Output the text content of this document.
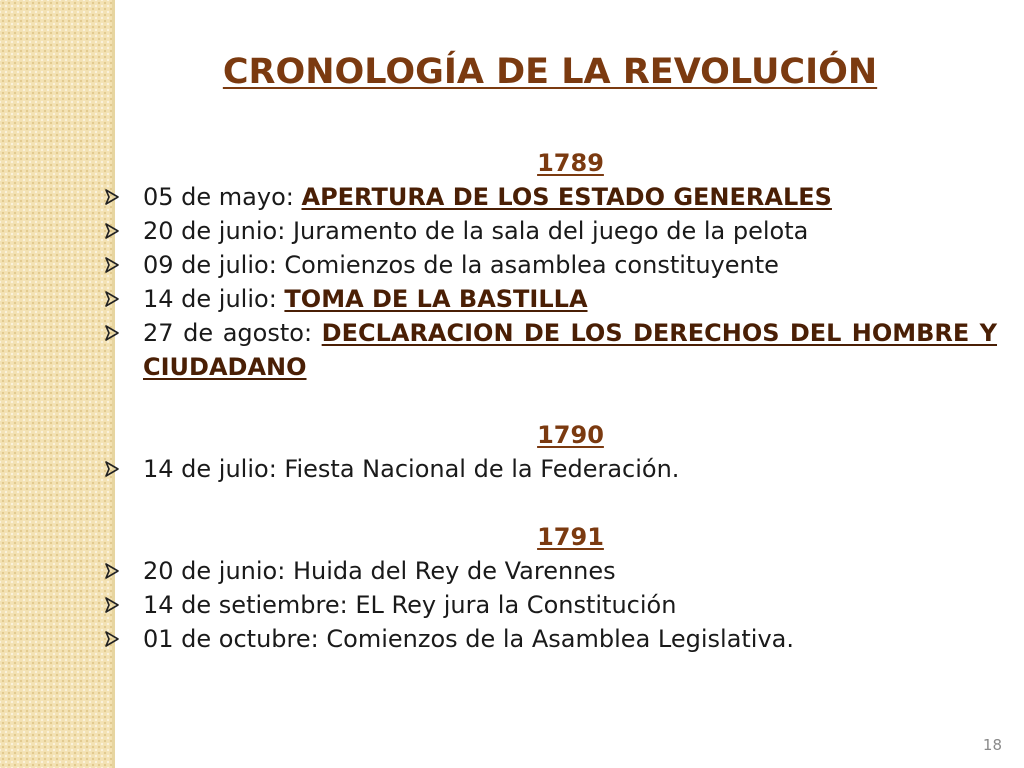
CRONOLOGÍA DE LA REVOLUCIÓN
1789
05 de mayo: APERTURA DE LOS ESTADO GENERALES
20 de junio: Juramento de la sala del juego de la pelota
09 de julio: Comienzos de la asamblea constituyente
14 de julio: TOMA DE LA BASTILLA
27 de agosto: DECLARACION DE LOS DERECHOS DEL HOMBRE Y CIUDADANO
1790
14 de julio: Fiesta Nacional de la Federación.
1791
20 de junio: Huida del Rey de Varennes
14 de setiembre: EL Rey jura la Constitución
01 de octubre: Comienzos de la Asamblea Legislativa.
18
